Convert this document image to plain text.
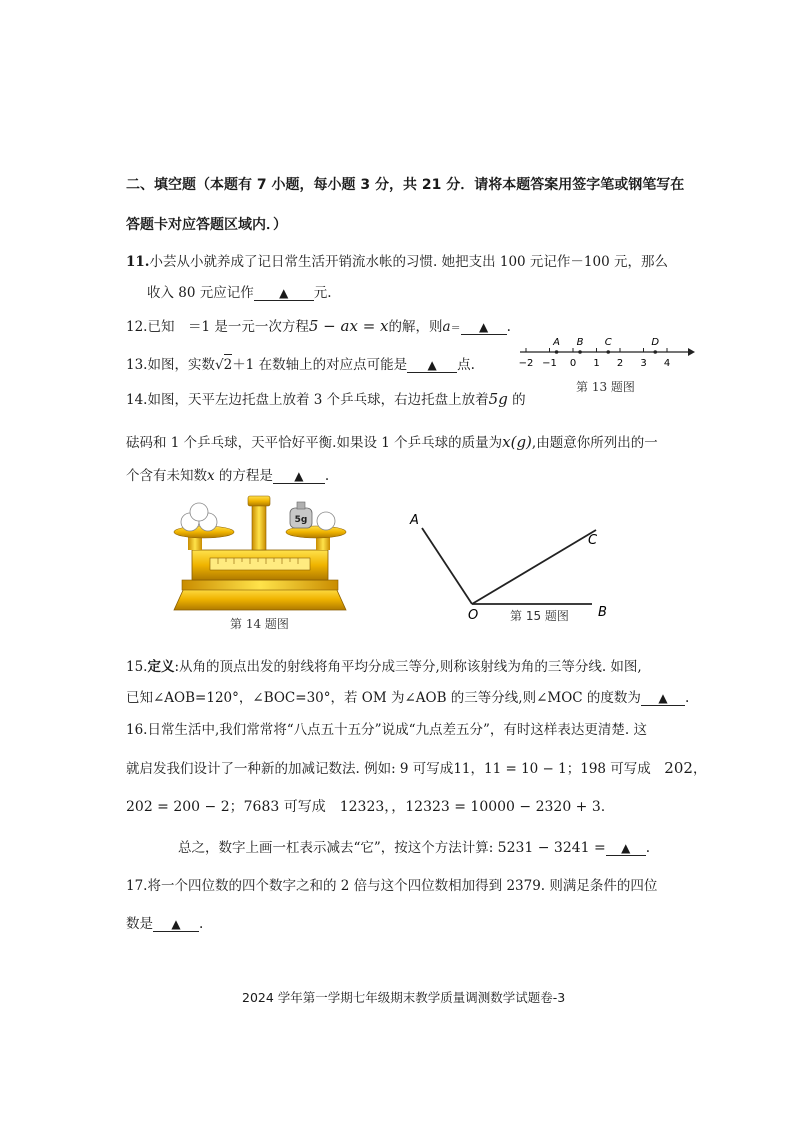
二、填空题（本题有 7 小题，每小题 3 分，共 21 分．请将本题答案用签字笔或钢笔写在
答题卡对应答题区域内．）
11.小芸从小就养成了记日常生活开销流水帐的习惯. 她把支出 100 元记作－100 元，那么
收入 80 元应记作 ▲ 元.
12.已知　＝1 是一元一次方程5 − ax = x的解，则a＝ ▲ .
13.如图，实数√2＋1 在数轴上的对应点可能是 ▲ 点.	−2 −1 0 1 2 3 4
A B C	D
第 13 题图
14.如图，天平左边托盘上放着 3 个乒乓球，右边托盘上放着5g 的
砝码和 1 个乒乓球，天平恰好平衡.如果设 1 个乒乓球的质量为x(g),由题意你所列出的一
个含有未知数x 的方程是 ▲ .
5g
第 14 题图
A
C
O	B
第 15 题图
15.定义:从角的顶点出发的射线将角平均分成三等分,则称该射线为角的三等分线. 如图,
已知∠AOB=120°，∠BOC=30°，若 OM 为∠AOB 的三等分线,则∠MOC 的度数为 ▲ .
16.日常生活中,我们常常将“八点五十五分”说成“九点差五分”，有时这样表达更清楚. 这
就启发我们设计了一种新的加减记数法. 例如: 9 可写成11，11 = 10 − 1；198 可写成　 202，
202 = 200 − 2；7683 可写成　 12323，，12323 = 10000 − 2320 + 3.
总之，数字上画一杠表示减去“它”，按这个方法计算: 5231 − 3241 = ▲ .
17.将一个四位数的四个数字之和的 2 倍与这个四位数相加得到 2379. 则满足条件的四位
数是 ▲ .
2024 学年第一学期七年级期末教学质量调测数学试题卷-3
